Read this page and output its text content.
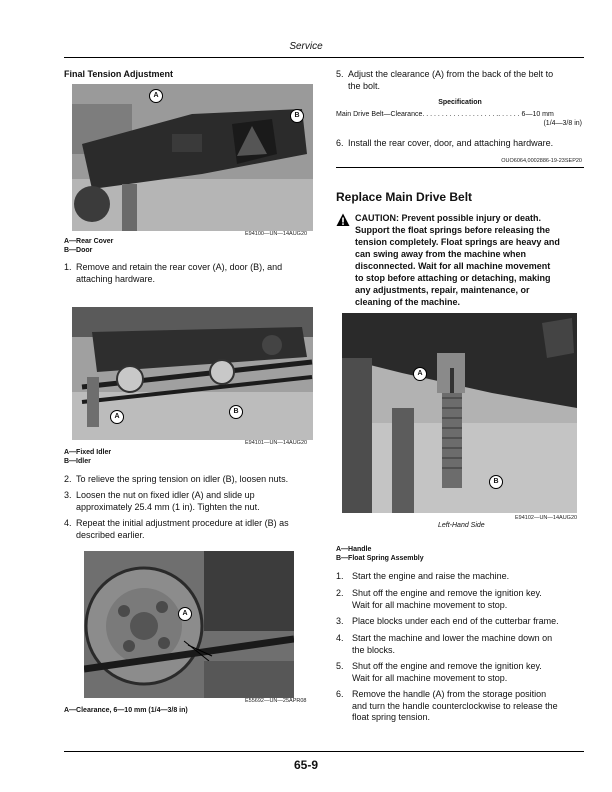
Service
Final Tension Adjustment
A
B
E94100—UN—14AUG20
A—Rear Cover
B—Door
1. Remove and retain the rear cover (A), door (B), and
attaching hardware.
A
B
E94101—UN—14AUG20
A—Fixed Idler
B—Idler
2. To relieve the spring tension on idler (B), loosen nuts.
3. Loosen the nut on fixed idler (A) and slide up
approximately 25.4 mm (1 in). Tighten the nut.
4. Repeat the initial adjustment procedure at idler (B) as
described earlier.
A
E55692—UN—25APR08
A—Clearance, 6—10 mm (1/4—3/8 in)
5. Adjust the clearance (A) from the back of the belt to
the bolt.
Specification
Main Drive Belt—Clearance. . . . . . . . . . . . . . . . . . . .. . . . . . 6—10 mm
(1/4—3/8 in)
6. Install the rear cover, door, and attaching hardware.
OUO6064,0002886-19-23SEP20
Replace Main Drive Belt
CAUTION: Prevent possible injury or death.
Support the float springs before releasing the
tension completely. Float springs are heavy and
can swing away from the machine when
disconnected. Wait for all machine movement
to stop before attaching or detaching, making
any adjustments, repair, maintenance, or
cleaning of the machine.
A
B
E94102—UN—14AUG20
Left-Hand Side
A—Handle
B—Float Spring Assembly
1. Start the engine and raise the machine.
2. Shut off the engine and remove the ignition key.
Wait for all machine movement to stop.
3. Place blocks under each end of the cutterbar frame.
4. Start the machine and lower the machine down on
the blocks.
5. Shut off the engine and remove the ignition key.
Wait for all machine movement to stop.
6. Remove the handle (A) from the storage position
and turn the handle counterclockwise to release the
float spring tension.
65-9
